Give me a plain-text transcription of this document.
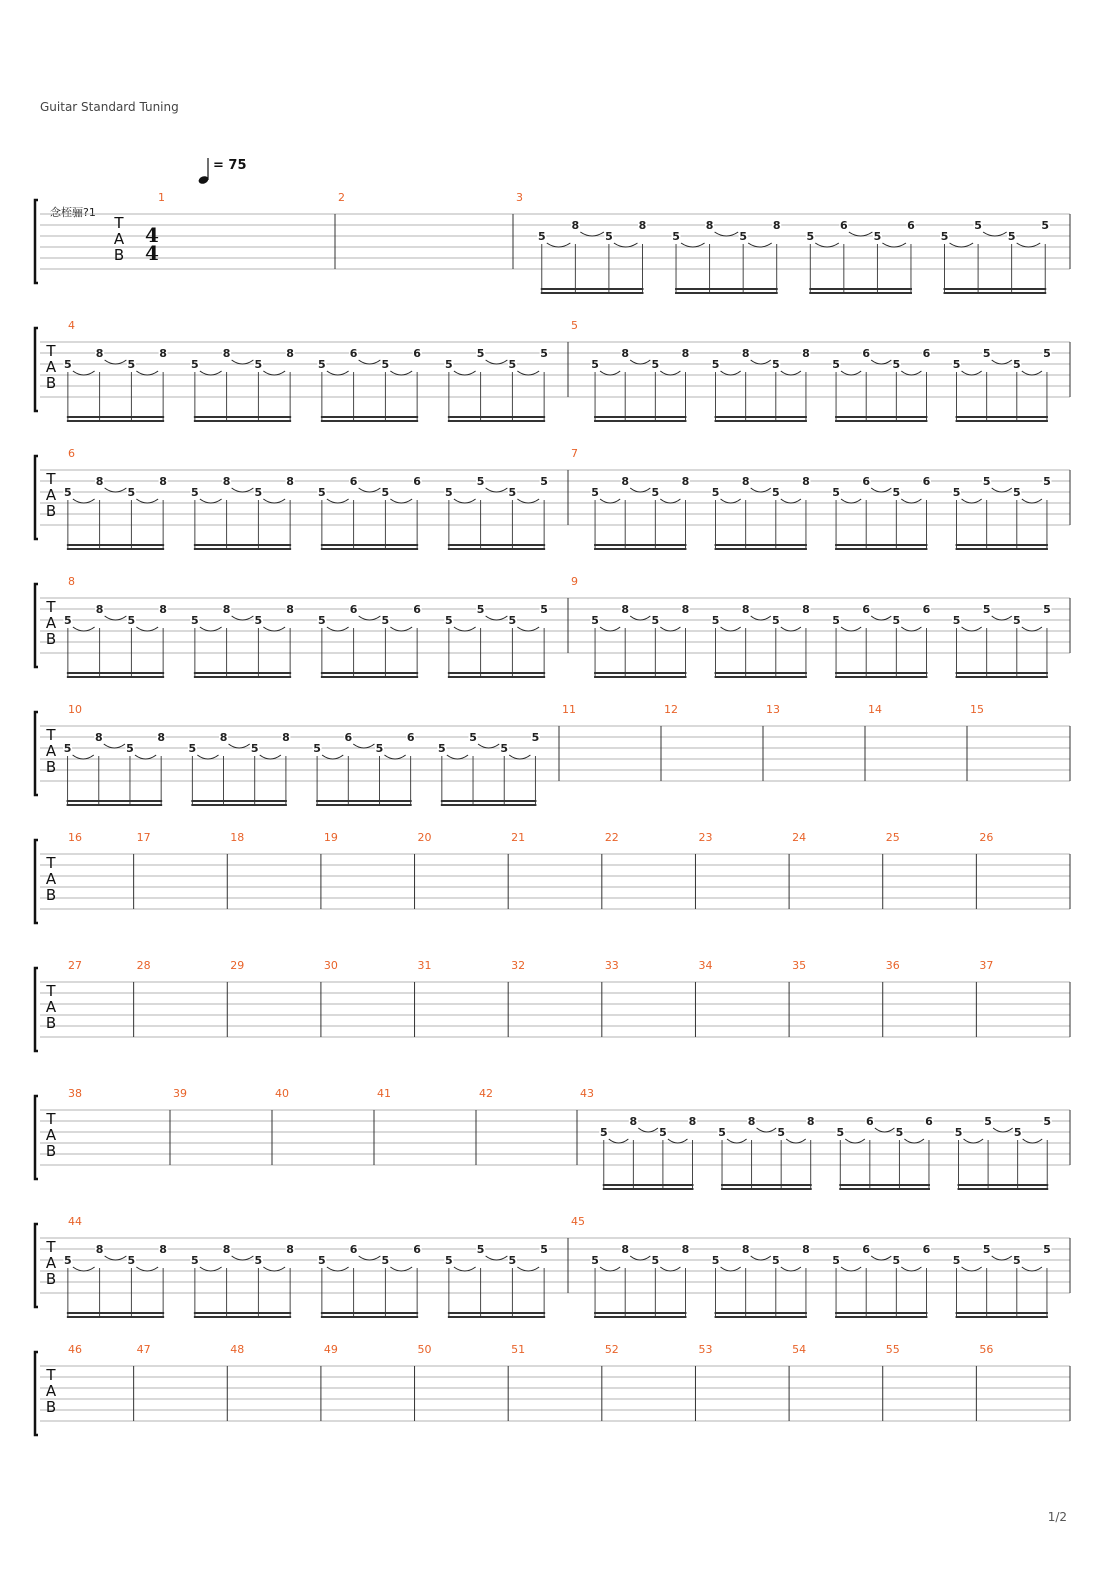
Guitar Standard Tuning
= 75
念桎骊?1
T
A
B
1
4
4
2	3
5
8
5
8
5
8
5
8
5
6
5
6
5
5
5
5
T
A
B
4
5
8
5
8
5
8
5
8
5
6
5
6
5
5
5
5
5
5
8
5
8
5
8
5
8
5
6
5
6
5
5
5
5
T
A
B
6
5
8
5
8
5
8
5
8
5
6
5
6
5
5
5
5
7
5
8
5
8
5
8
5
8
5
6
5
6
5
5
5
5
T
A
B
8
5
8
5
8
5
8
5
8
5
6
5
6
5
5
5
5
9
5
8
5
8
5
8
5
8
5
6
5
6
5
5
5
5
T
A
B
10
5
8
5
8
5
8
5
8
5
6
5
6
5
5
5
5
11	12	13	14	15
T
A
B
16	17	18	19	20	21	22	23	24	25	26
T
A
B
27	28	29	30	31	32	33	34	35	36	37
T
A
B
38	39	40	41	42	43
5
8
5
8
5
8
5
8
5
6
5
6
5
5
5
5
T
A
B
44
5
8
5
8
5
8
5
8
5
6
5
6
5
5
5
5
45
5
8
5
8
5
8
5
8
5
6
5
6
5
5
5
5
T
A
B
46	47	48	49	50	51	52	53	54	55	56
1/2
